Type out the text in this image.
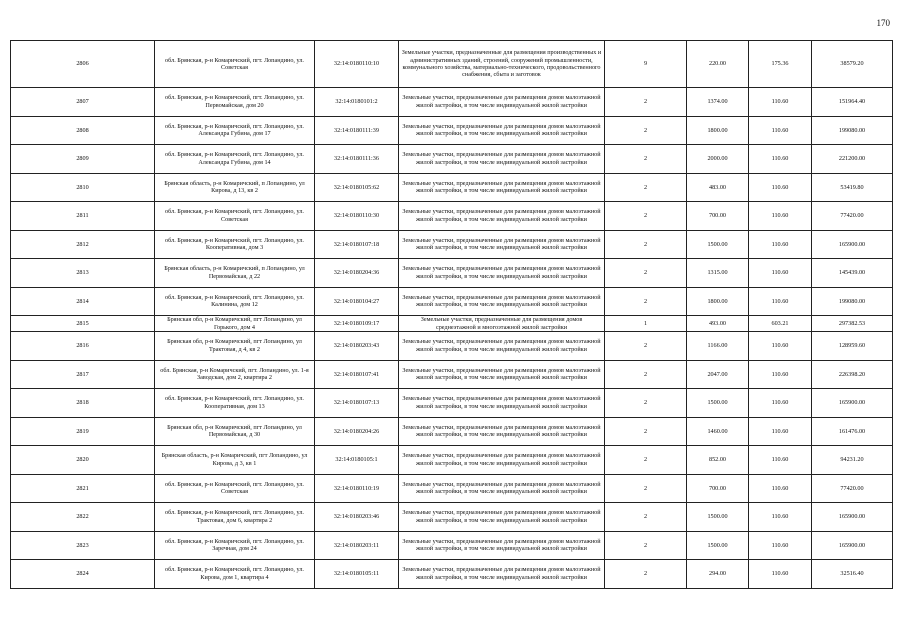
170
2806	обл. Брянская, р-н Комаричский, пгт. Лопандино, ул. Советская	32:14:0180110:10	Земельные участки, предназначенные для размещения производственных и административных зданий, строений, сооружений промышленности, коммунального хозяйства, материально-технического, продовольственного снабжения, сбыта и заготовок	9	220.00	175.36	38579.20
2807	обл. Брянская, р-н Комаричский, пгт. Лопандино, ул. Первомайская, дом 20	32:14:0180101:2	Земельные участки, предназначенные для размещения домов малоэтажной жилой застройки, в том числе индивидуальной жилой застройки	2	1374.00	110.60	151964.40
2808	обл. Брянская, р-н Комаричский, пгт. Лопандино, ул. Александра Губина, дом 17	32:14:0180111:39	Земельные участки, предназначенные для размещения домов малоэтажной жилой застройки, в том числе индивидуальной жилой застройки	2	1800.00	110.60	199080.00
2809	обл. Брянская, р-н Комаричский, пгт. Лопандино, ул. Александра Губина, дом 14	32:14:0180111:36	Земельные участки, предназначенные для размещения домов малоэтажной жилой застройки, в том числе индивидуальной жилой застройки	2	2000.00	110.60	221200.00
2810	Брянская область, р-н Комаричский, п Лопандино, ул Кирова, д 13, кв 2	32:14:0180105:62	Земельные участки, предназначенные для размещения домов малоэтажной жилой застройки, в том числе индивидуальной жилой застройки	2	483.00	110.60	53419.80
2811	обл. Брянская, р-н Комаричский, пгт. Лопандино, ул. Советская	32:14:0180110:30	Земельные участки, предназначенные для размещения домов малоэтажной жилой застройки, в том числе индивидуальной жилой застройки	2	700.00	110.60	77420.00
2812	обл. Брянская, р-н Комаричский, пгт. Лопандино, ул. Кооперативная, дом 3	32:14:0180107:18	Земельные участки, предназначенные для размещения домов малоэтажной жилой застройки, в том числе индивидуальной жилой застройки	2	1500.00	110.60	165900.00
2813	Брянская область, р-н Комаричский, п Лопандино, ул Первомайская, д 22	32:14:0180204:36	Земельные участки, предназначенные для размещения домов малоэтажной жилой застройки, в том числе индивидуальной жилой застройки	2	1315.00	110.60	145439.00
2814	обл. Брянская, р-н Комаричский, пгт. Лопандино, ул. Калинина, дом 12	32:14:0180104:27	Земельные участки, предназначенные для размещения домов малоэтажной жилой застройки, в том числе индивидуальной жилой застройки	2	1800.00	110.60	199080.00
2815	Брянская обл, р-н Комаричский, пгт Лопандино, ул Горького, дом 4	32:14:0180109:17	Земельные участки, предназначенные для размещения домов среднеэтажной и многоэтажной жилой застройки	1	493.00	603.21	297382.53
2816	Брянская обл, р-н Комаричский, пгт Лопандино, ул Трактовая, д 4, кв 2	32:14:0180203:43	Земельные участки, предназначенные для размещения домов малоэтажной жилой застройки, в том числе индивидуальной жилой застройки	2	1166.00	110.60	128959.60
2817	обл. Брянская, р-н Комаричский, пгт. Лопандино, ул. 1-я Заводская, дом 2, квартира 2	32:14:0180107:41	Земельные участки, предназначенные для размещения домов малоэтажной жилой застройки, в том числе индивидуальной жилой застройки	2	2047.00	110.60	226398.20
2818	обл. Брянская, р-н Комаричский, пгт. Лопандино, ул. Кооперативная, дом 13	32:14:0180107:13	Земельные участки, предназначенные для размещения домов малоэтажной жилой застройки, в том числе индивидуальной жилой застройки	2	1500.00	110.60	165900.00
2819	Брянская обл, р-н Комаричский, пгт Лопандино, ул Первомайская, д 30	32:14:0180204:26	Земельные участки, предназначенные для размещения домов малоэтажной жилой застройки, в том числе индивидуальной жилой застройки	2	1460.00	110.60	161476.00
2820	Брянская область, р-н Комаричский, пгт Лопандино, ул Кирова, д 3, кв 1	32:14:0180105:1	Земельные участки, предназначенные для размещения домов малоэтажной жилой застройки, в том числе индивидуальной жилой застройки	2	852.00	110.60	94231.20
2821	обл. Брянская, р-н Комаричский, пгт. Лопандино, ул. Советская	32:14:0180110:19	Земельные участки, предназначенные для размещения домов малоэтажной жилой застройки, в том числе индивидуальной жилой застройки	2	700.00	110.60	77420.00
2822	обл. Брянская, р-н Комаричский, пгт. Лопандино, ул. Трактовая, дом 6, квартира 2	32:14:0180203:46	Земельные участки, предназначенные для размещения домов малоэтажной жилой застройки, в том числе индивидуальной жилой застройки	2	1500.00	110.60	165900.00
2823	обл. Брянская, р-н Комаричский, пгт. Лопандино, ул. Заречная, дом 24	32:14:0180203:11	Земельные участки, предназначенные для размещения домов малоэтажной жилой застройки, в том числе индивидуальной жилой застройки	2	1500.00	110.60	165900.00
2824	обл. Брянская, р-н Комаричский, пгт. Лопандино, ул. Кирова, дом 1, квартира 4	32:14:0180105:11	Земельные участки, предназначенные для размещения домов малоэтажной жилой застройки, в том числе индивидуальной жилой застройки	2	294.00	110.60	32516.40
